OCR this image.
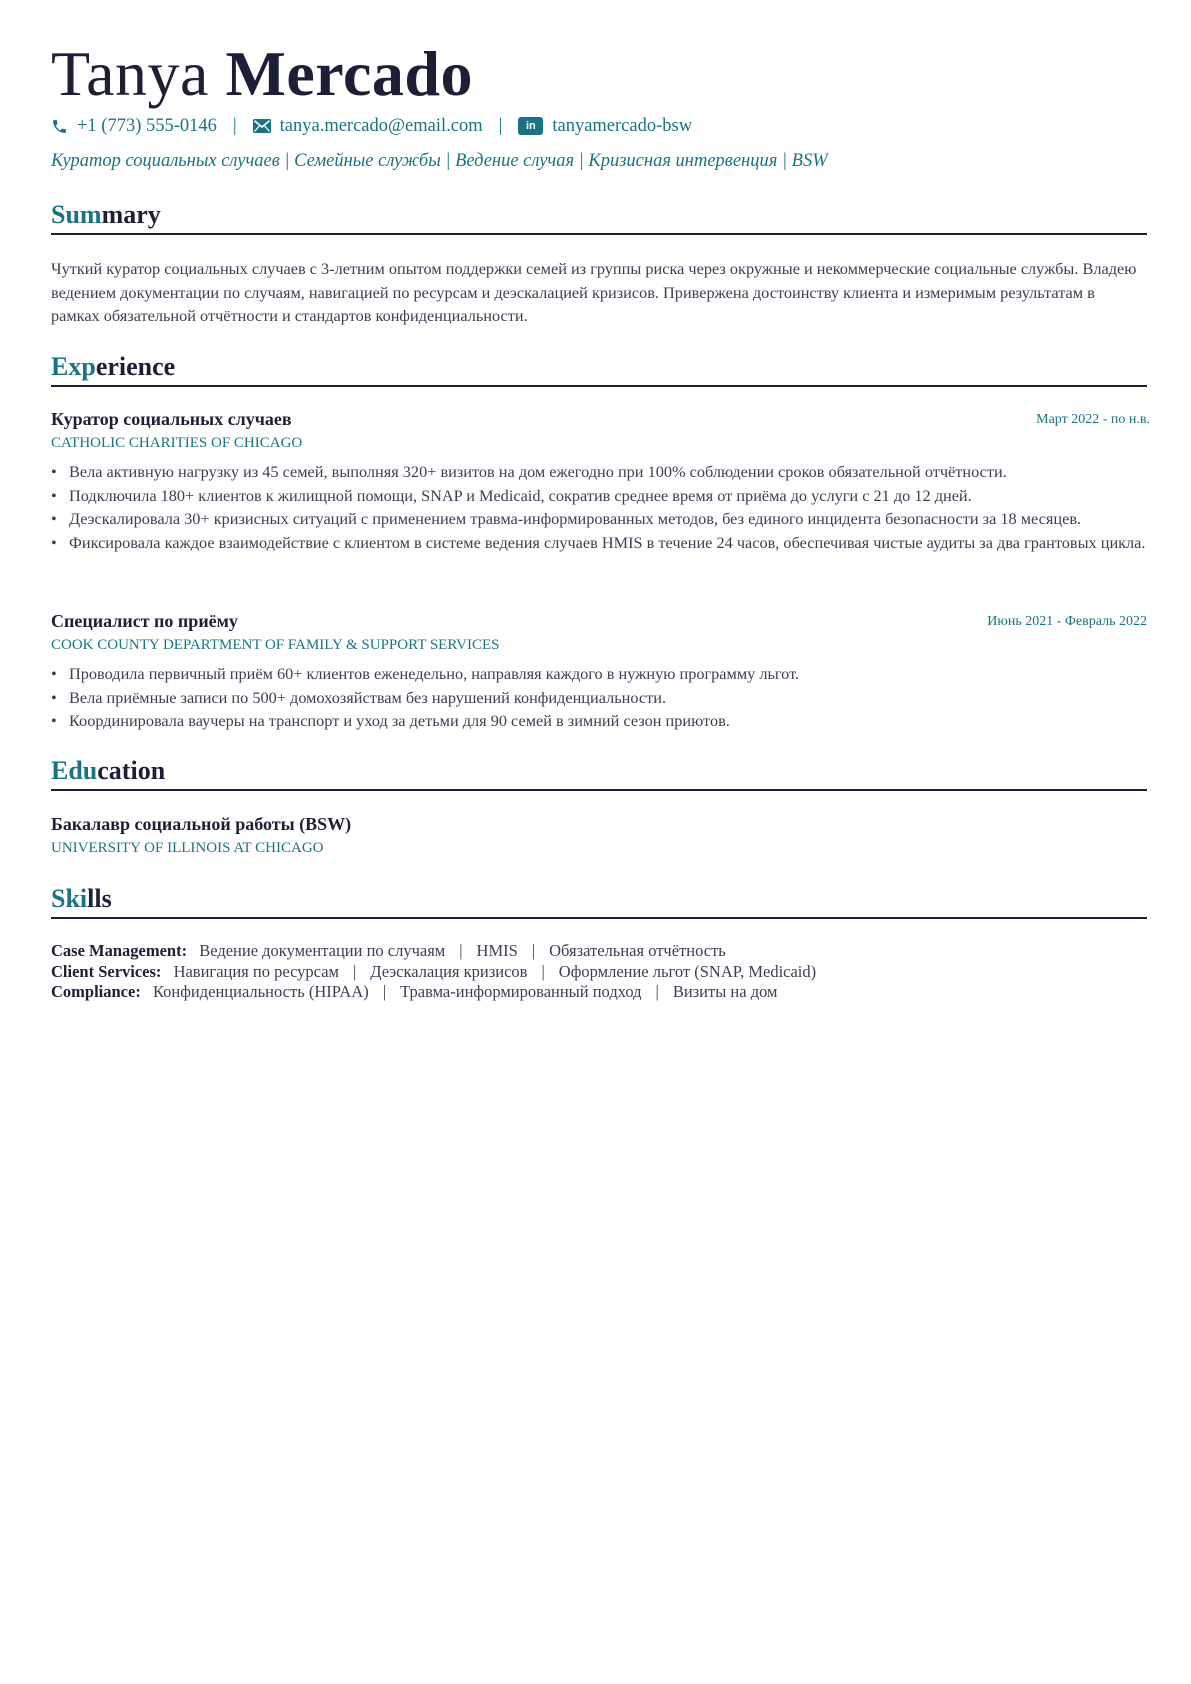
Tanya Mercado
+1 (773) 555-0146 | tanya.mercado@email.com |	in tanyamercado-bsw
Куратор социальных случаев | Семейные службы | Ведение случая | Кризисная интервенция | BSW
Summary
Чуткий куратор социальных случаев с 3-летним опытом поддержки семей из группы риска через окружные и некоммерческие социальные службы. Владею ведением документации по случаям, навигацией по ресурсам и деэскалацией кризисов. Привержена достоинству клиента и измеримым результатам в рамках обязательной отчётности и стандартов конфиденциальности.
Experience
Куратор социальных случаев	Март 2022 - по н.в.
CATHOLIC CHARITIES OF CHICAGO
• Вела активную нагрузку из 45 семей, выполняя 320+ визитов на дом ежегодно при 100% соблюдении сроков обязательной отчётности.
• Подключила 180+ клиентов к жилищной помощи, SNAP и Medicaid, сократив среднее время от приёма до услуги с 21 до 12 дней.
• Деэскалировала 30+ кризисных ситуаций с применением травма-информированных методов, без единого инцидента безопасности за 18 месяцев.
• Фиксировала каждое взаимодействие с клиентом в системе ведения случаев HMIS в течение 24 часов, обеспечивая чистые аудиты за два грантовых цикла.
Специалист по приёму	Июнь 2021 - Февраль 2022
COOK COUNTY DEPARTMENT OF FAMILY & SUPPORT SERVICES
• Проводила первичный приём 60+ клиентов еженедельно, направляя каждого в нужную программу льгот.
• Вела приёмные записи по 500+ домохозяйствам без нарушений конфиденциальности.
• Координировала ваучеры на транспорт и уход за детьми для 90 семей в зимний сезон приютов.
Education
Бакалавр социальной работы (BSW)
UNIVERSITY OF ILLINOIS AT CHICAGO
Skills
Case Management: Ведение документации по случаям | HMIS | Обязательная отчётность
Client Services: Навигация по ресурсам | Деэскалация кризисов | Оформление льгот (SNAP, Medicaid)
Compliance: Конфиденциальность (HIPAA) | Травма-информированный подход | Визиты на дом
